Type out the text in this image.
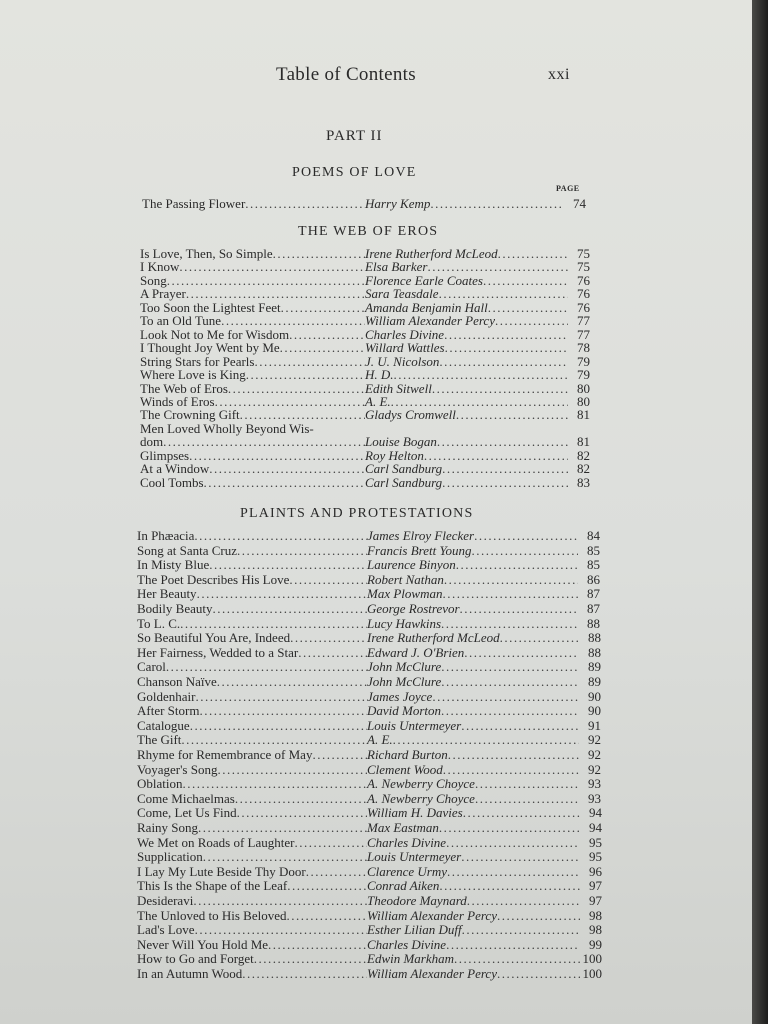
Table of Contents	xxi
PART II
POEMS OF LOVE
PAGE
THE WEB OF EROS
PLAINTS AND PROTESTATIONS
The Passing Flower .....	Harry Kemp .....	74
Is Love, Then, So Simple .....	Irene Rutherford McLeod .....	75
I Know .....	Elsa Barker .....	75
Song .....	Florence Earle Coates .....	76
A Prayer .....	Sara Teasdale .....	76
Too Soon the Lightest Feet .....	Amanda Benjamin Hall .....	76
To an Old Tune .....	William Alexander Percy .....	77
Look Not to Me for Wisdom .....	Charles Divine .....	77
I Thought Joy Went by Me .....	Willard Wattles .....	78
String Stars for Pearls .....	J. U. Nicolson .....	79
Where Love is King .....	H. D. .....	79
The Web of Eros .....	Edith Sitwell .....	80
Winds of Eros .....	A. E. .....	80
The Crowning Gift .....	Gladys Cromwell .....	81
Men Loved Wholly Beyond Wis-
dom .....	Louise Bogan .....	81
Glimpses .....	Roy Helton .....	82
At a Window .....	Carl Sandburg .....	82
Cool Tombs .....	Carl Sandburg .....	83
In Phæacia .....	James Elroy Flecker .....	84
Song at Santa Cruz .....	Francis Brett Young .....	85
In Misty Blue .....	Laurence Binyon .....	85
The Poet Describes His Love .....	Robert Nathan .....	86
Her Beauty .....	Max Plowman .....	87
Bodily Beauty .....	George Rostrevor .....	87
To L. C. .....	Lucy Hawkins .....	88
So Beautiful You Are, Indeed .....	Irene Rutherford McLeod .....	88
Her Fairness, Wedded to a Star .....	Edward J. O'Brien .....	88
Carol .....	John McClure .....	89
Chanson Naïve .....	John McClure .....	89
Goldenhair .....	James Joyce .....	90
After Storm .....	David Morton .....	90
Catalogue .....	Louis Untermeyer .....	91
The Gift .....	A. E. .....	92
Rhyme for Remembrance of May .....	Richard Burton .....	92
Voyager's Song .....	Clement Wood .....	92
Oblation .....	A. Newberry Choyce .....	93
Come Michaelmas .....	A. Newberry Choyce .....	93
Come, Let Us Find .....	William H. Davies .....	94
Rainy Song .....	Max Eastman .....	94
We Met on Roads of Laughter .....	Charles Divine .....	95
Supplication .....	Louis Untermeyer .....	95
I Lay My Lute Beside Thy Door .....	Clarence Urmy .....	96
This Is the Shape of the Leaf .....	Conrad Aiken .....	97
Desideravi .....	Theodore Maynard .....	97
The Unloved to His Beloved .....	William Alexander Percy .....	98
Lad's Love .....	Esther Lilian Duff .....	98
Never Will You Hold Me .....	Charles Divine .....	99
How to Go and Forget .....	Edwin Markham .....	100
In an Autumn Wood .....	William Alexander Percy .....	100
